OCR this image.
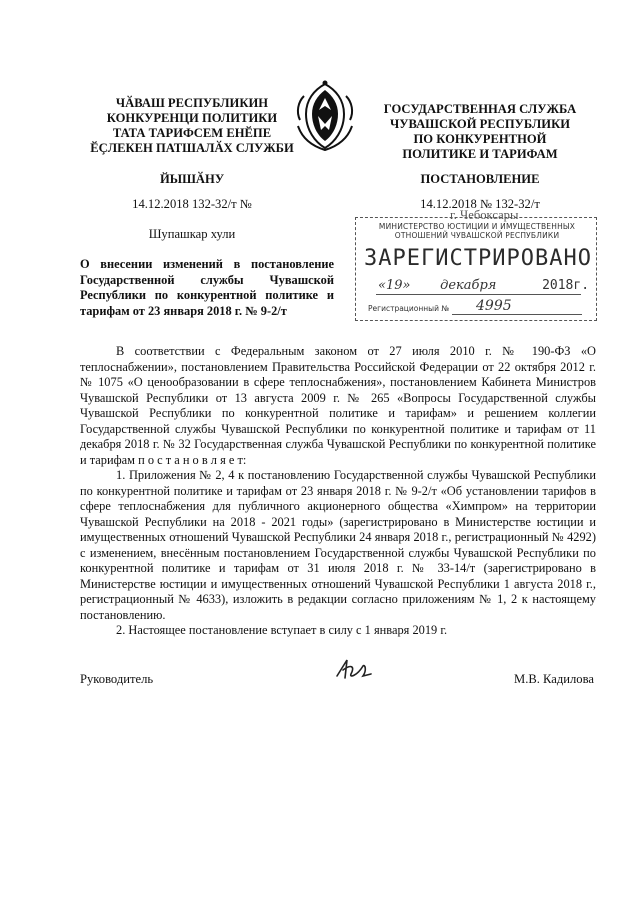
ЧӐВАШ РЕСПУБЛИКИН
КОНКУРЕНЦИ ПОЛИТИКИ
ТАТА ТАРИФСЕМ ЕНӖПЕ
ӖҪЛЕКЕН ПАТШАЛӐХ СЛУЖБИ
ГОСУДАРСТВЕННАЯ СЛУЖБА
ЧУВАШСКОЙ РЕСПУБЛИКИ
ПО КОНКУРЕНТНОЙ
ПОЛИТИКЕ И ТАРИФАМ
ЙЫШӐНУ	ПОСТАНОВЛЕНИЕ
14.12.2018 132-32/т №	14.12.2018 № 132-32/т
Шупашкар хули
МИНИСТЕРСТВО ЮСТИЦИИ И ИМУЩЕСТВЕННЫХ
ОТНОШЕНИЙ ЧУВАШСКОЙ РЕСПУБЛИКИ
ЗАРЕГИСТРИРОВАНО
«19» декабря	2018г.
Регистрационный № 4995
г. Чебоксары
О внесении изменений в постановление Государственной службы Чувашской Республики по конкурентной политике и тарифам от 23 января 2018 г. № 9-2/т

В соответствии с Федеральным законом от 27 июля 2010 г. № 190-ФЗ «О теплоснабжении», постановлением Правительства Российской Федерации от 22 октября 2012 г. № 1075 «О ценообразовании в сфере теплоснабжения», постановлением Кабинета Министров Чувашской Республики от 13 августа 2009 г. № 265 «Вопросы Государственной службы Чувашской Республики по конкурентной политике и тарифам» и решением коллегии Государственной службы Чувашской Республики по конкурентной политике и тарифам от 11 декабря 2018 г. № 32 Государственная служба Чувашской Республики по конкурентной политике и тарифам п о с т а н о в л я е т:

1. Приложения № 2, 4 к постановлению Государственной службы Чувашской Республики по конкурентной политике и тарифам от 23 января 2018 г. № 9-2/т «Об установлении тарифов в сфере теплоснабжения для публичного акционерного общества «Химпром» на территории Чувашской Республики на 2018 - 2021 годы» (зарегистрировано в Министерстве юстиции и имущественных отношений Чувашской Республики 24 января 2018 г., регистрационный № 4292) с изменением, внесённым постановлением Государственной службы Чувашской Республики по конкурентной политике и тарифам от 31 июля 2018 г. № 33-14/т (зарегистрировано в Министерстве юстиции и имущественных отношений Чувашской Республики 1 августа 2018 г., регистрационный № 4633), изложить в редакции согласно приложениям № 1, 2 к настоящему постановлению.

2. Настоящее постановление вступает в силу с 1 января 2019 г.

Руководитель	М.В. Кадилова
